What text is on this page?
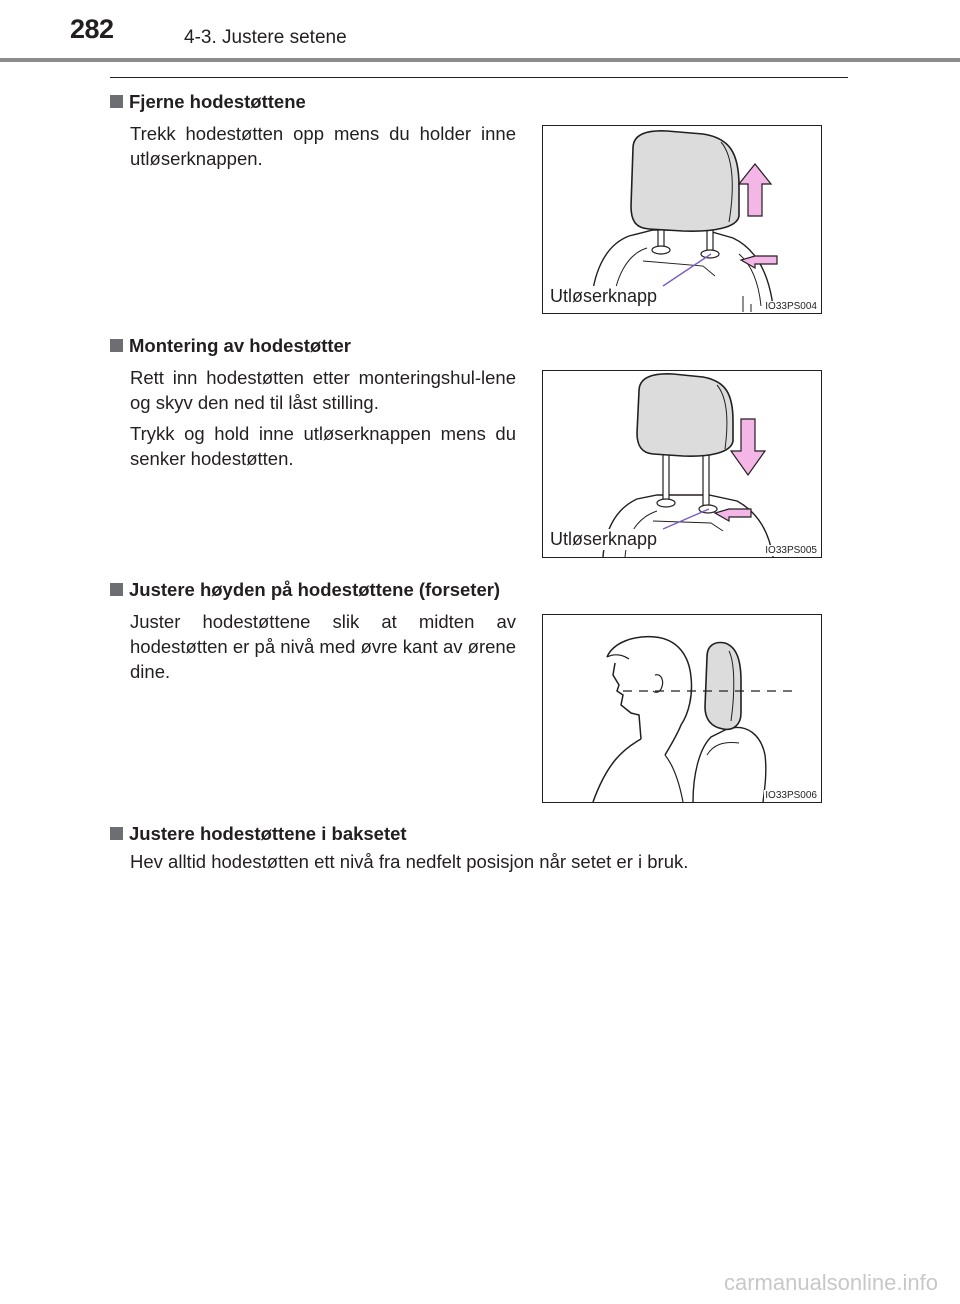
282	4-3. Justere setene
Fjerne hodestøttene
Trekk hodestøtten opp mens du holder inne utløserknappen.
Utløserknapp
IO33PS004
Montering av hodestøtter
Rett inn hodestøtten etter monteringshul-lene og skyv den ned til låst stilling.
Trykk og hold inne utløserknappen mens du senker hodestøtten.
Utløserknapp
IO33PS005
Justere høyden på hodestøttene (forseter)
Juster hodestøttene slik at midten av hodestøtten er på nivå med øvre kant av ørene dine.
IO33PS006
Justere hodestøttene i baksetet
Hev alltid hodestøtten ett nivå fra nedfelt posisjon når setet er i bruk.
carmanualsonline.info
